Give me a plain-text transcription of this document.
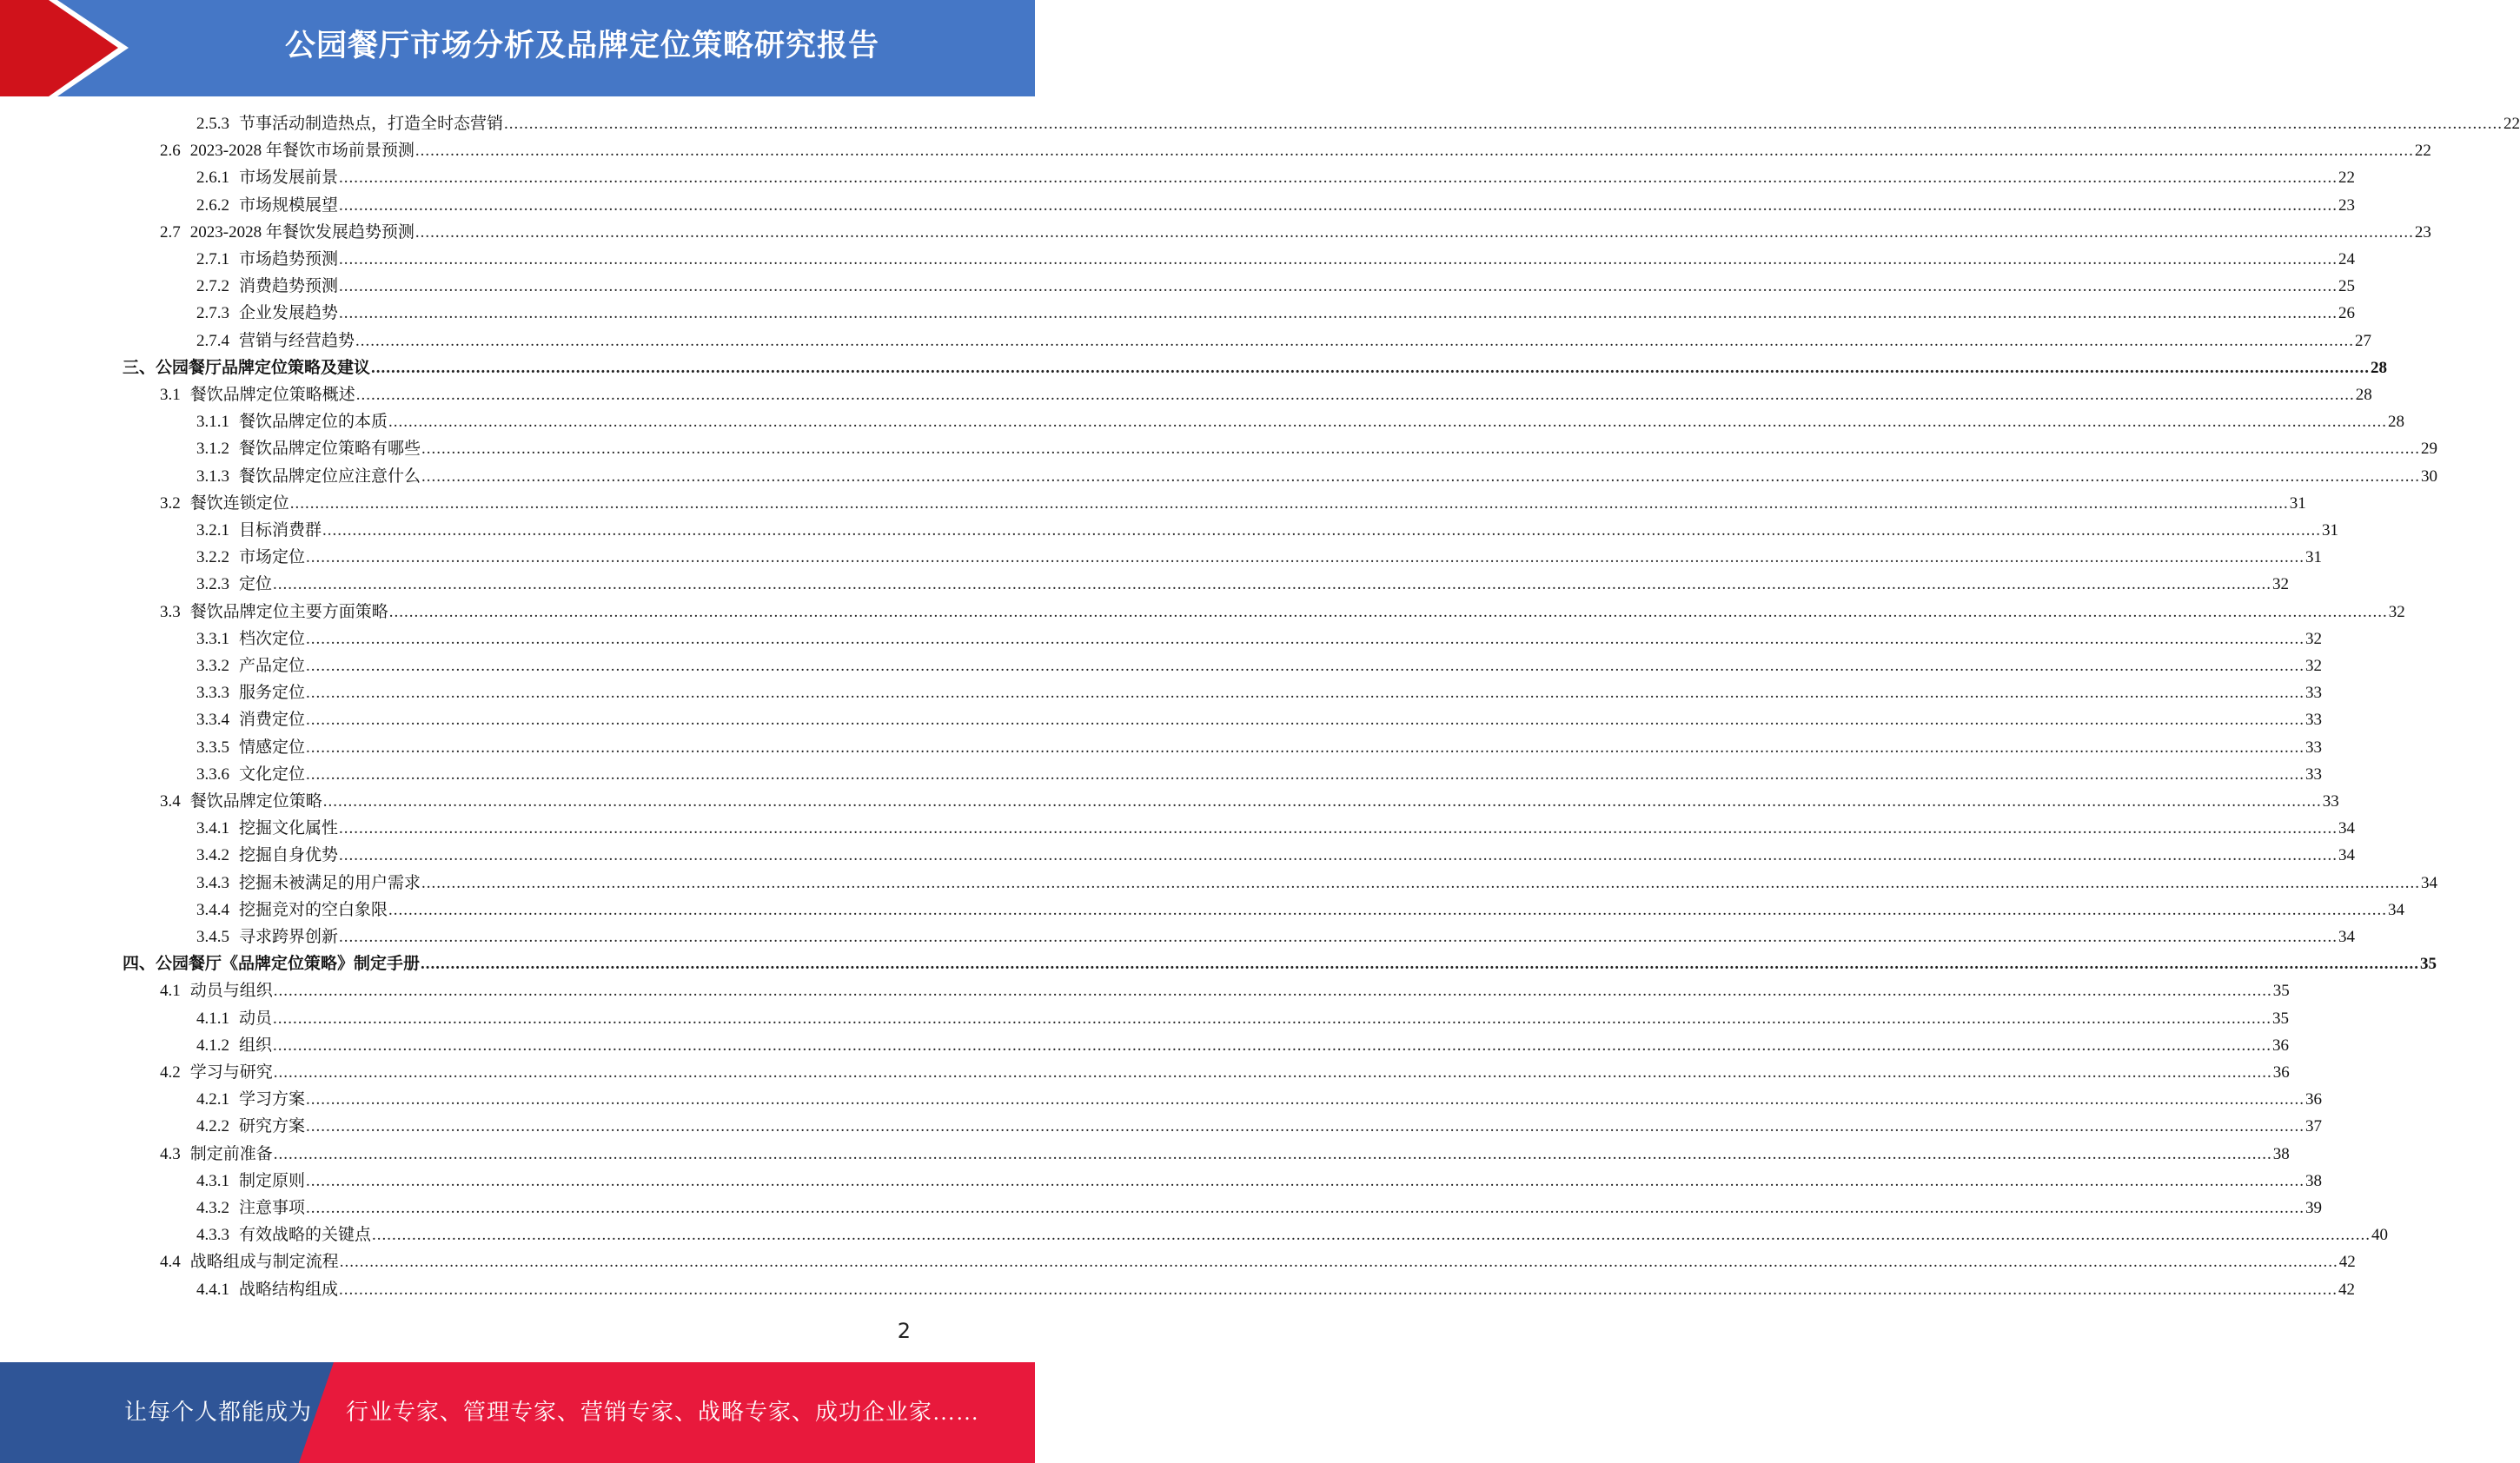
公园餐厅市场分析及品牌定位策略研究报告
2.5.3 节事活动制造热点，打造全时态营销 ................................................................................................................................................................................................................................................................................................................................................................................................................ 22
2.6 2023-2028 年餐饮市场前景预测 ................................................................................................................................................................................................................................................................................................................................................................................................................ 22
2.6.1 市场发展前景 ................................................................................................................................................................................................................................................................................................................................................................................................................ 22
2.6.2 市场规模展望 ................................................................................................................................................................................................................................................................................................................................................................................................................ 23
2.7 2023-2028 年餐饮发展趋势预测 ................................................................................................................................................................................................................................................................................................................................................................................................................ 23
2.7.1 市场趋势预测 ................................................................................................................................................................................................................................................................................................................................................................................................................ 24
2.7.2 消费趋势预测 ................................................................................................................................................................................................................................................................................................................................................................................................................ 25
2.7.3 企业发展趋势 ................................................................................................................................................................................................................................................................................................................................................................................................................ 26
2.7.4 营销与经营趋势 ................................................................................................................................................................................................................................................................................................................................................................................................................ 27
三、公园餐厅品牌定位策略及建议 ................................................................................................................................................................................................................................................................................................................................................................................................................ 28
3.1 餐饮品牌定位策略概述 ................................................................................................................................................................................................................................................................................................................................................................................................................ 28
3.1.1 餐饮品牌定位的本质 ................................................................................................................................................................................................................................................................................................................................................................................................................ 28
3.1.2 餐饮品牌定位策略有哪些 ................................................................................................................................................................................................................................................................................................................................................................................................................ 29
3.1.3 餐饮品牌定位应注意什么 ................................................................................................................................................................................................................................................................................................................................................................................................................ 30
3.2 餐饮连锁定位 ................................................................................................................................................................................................................................................................................................................................................................................................................ 31
3.2.1 目标消费群 ................................................................................................................................................................................................................................................................................................................................................................................................................ 31
3.2.2 市场定位 ................................................................................................................................................................................................................................................................................................................................................................................................................ 31
3.2.3 定位 ................................................................................................................................................................................................................................................................................................................................................................................................................ 32
3.3 餐饮品牌定位主要方面策略 ................................................................................................................................................................................................................................................................................................................................................................................................................ 32
3.3.1 档次定位 ................................................................................................................................................................................................................................................................................................................................................................................................................ 32
3.3.2 产品定位 ................................................................................................................................................................................................................................................................................................................................................................................................................ 32
3.3.3 服务定位 ................................................................................................................................................................................................................................................................................................................................................................................................................ 33
3.3.4 消费定位 ................................................................................................................................................................................................................................................................................................................................................................................................................ 33
3.3.5 情感定位 ................................................................................................................................................................................................................................................................................................................................................................................................................ 33
3.3.6 文化定位 ................................................................................................................................................................................................................................................................................................................................................................................................................ 33
3.4 餐饮品牌定位策略 ................................................................................................................................................................................................................................................................................................................................................................................................................ 33
3.4.1 挖掘文化属性 ................................................................................................................................................................................................................................................................................................................................................................................................................ 34
3.4.2 挖掘自身优势 ................................................................................................................................................................................................................................................................................................................................................................................................................ 34
3.4.3 挖掘未被满足的用户需求 ................................................................................................................................................................................................................................................................................................................................................................................................................ 34
3.4.4 挖掘竞对的空白象限 ................................................................................................................................................................................................................................................................................................................................................................................................................ 34
3.4.5 寻求跨界创新 ................................................................................................................................................................................................................................................................................................................................................................................................................ 34
四、公园餐厅《品牌定位策略》制定手册 ................................................................................................................................................................................................................................................................................................................................................................................................................ 35
4.1 动员与组织 ................................................................................................................................................................................................................................................................................................................................................................................................................ 35
4.1.1 动员 ................................................................................................................................................................................................................................................................................................................................................................................................................ 35
4.1.2 组织 ................................................................................................................................................................................................................................................................................................................................................................................................................ 36
4.2 学习与研究 ................................................................................................................................................................................................................................................................................................................................................................................................................ 36
4.2.1 学习方案 ................................................................................................................................................................................................................................................................................................................................................................................................................ 36
4.2.2 研究方案 ................................................................................................................................................................................................................................................................................................................................................................................................................ 37
4.3 制定前准备 ................................................................................................................................................................................................................................................................................................................................................................................................................ 38
4.3.1 制定原则 ................................................................................................................................................................................................................................................................................................................................................................................................................ 38
4.3.2 注意事项 ................................................................................................................................................................................................................................................................................................................................................................................................................ 39
4.3.3 有效战略的关键点 ................................................................................................................................................................................................................................................................................................................................................................................................................ 40
4.4 战略组成与制定流程 ................................................................................................................................................................................................................................................................................................................................................................................................................ 42
4.4.1 战略结构组成 ................................................................................................................................................................................................................................................................................................................................................................................................................ 42
2
让每个人都能成为 行业专家、管理专家、营销专家、战略专家、成功企业家……
